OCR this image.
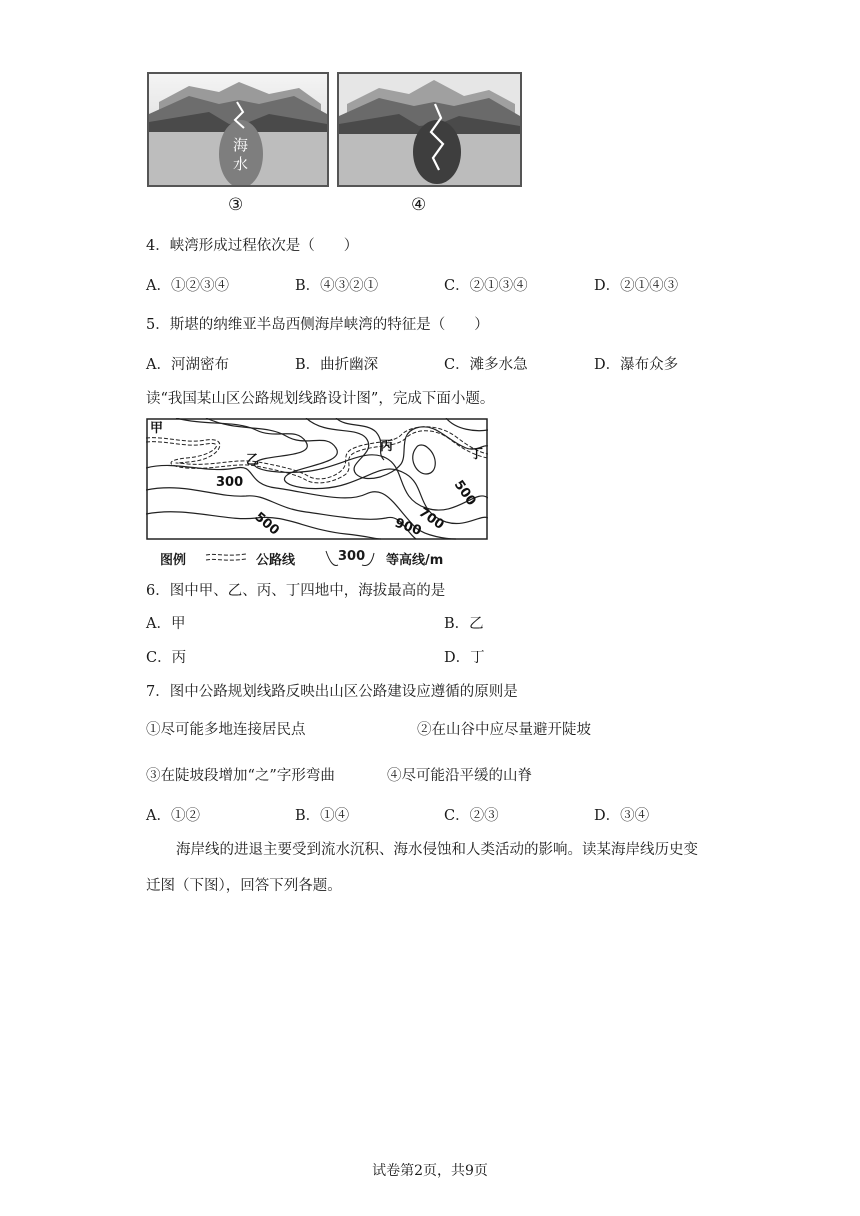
海
水
③	④
4．峡湾形成过程依次是（　　）
A．①②③④	B．④③②①	C．②①③④	D．②①④③
5．斯堪的纳维亚半岛西侧海岸峡湾的特征是（　　）
A．河湖密布	B．曲折幽深	C．滩多水急	D．瀑布众多
读“我国某山区公路规划线路设计图”，完成下面小题。
甲
乙
丙
丁
300
500
500
700
900
图例	公路线	300 等高线/m
6．图中甲、乙、丙、丁四地中，海拔最高的是
A．甲	B．乙
C．丙	D．丁
7．图中公路规划线路反映出山区公路建设应遵循的原则是
①尽可能多地连接居民点	②在山谷中应尽量避开陡坡
③在陡坡段增加“之”字形弯曲	④尽可能沿平缓的山脊
A．①②	B．①④	C．②③	D．③④
海岸线的进退主要受到流水沉积、海水侵蚀和人类活动的影响。读某海岸线历史变
迁图（下图），回答下列各题。
试卷第2页，共9页
